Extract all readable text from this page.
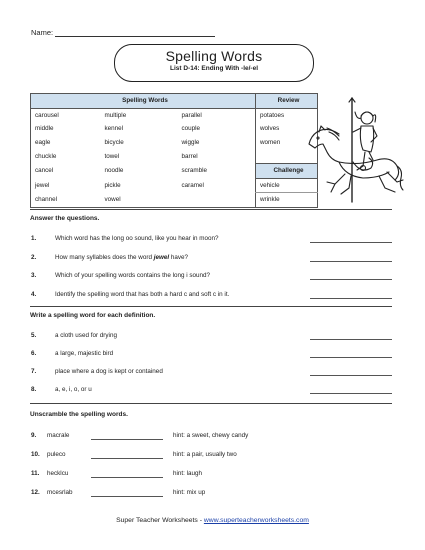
Name:
Spelling Words
List D-14: Ending With -le/-el
Spelling Words			Review
carousel	multiple	parallel	potatoes
middle	kennel	couple	wolves
eagle	bicycle	wiggle	women
chuckle	towel	barrel	
cancel	noodle	scramble	Challenge
jewel	pickle	caramel	vehicle
channel	vowel		wrinkle
Answer the questions.
1.	Which word has the long oo sound, like you hear in moon?
2.	How many syllables does the word jewel have?
3.	Which of your spelling words contains the long i sound?
4.	Identify the spelling word that has both a hard c and soft c in it.
Write a spelling word for each definition.
5.	a cloth used for drying
6.	a large, majestic bird
7.	place where a dog is kept or contained
8.	a, e, i, o, or u
Unscramble the spelling words.
9. macrale	hint: a sweet, chewy candy
10. puleco	hint: a pair, usually two
11. hecklcu	hint: laugh
12. mcesrlab	hint: mix up
Super Teacher Worksheets - www.superteacherworksheets.com
